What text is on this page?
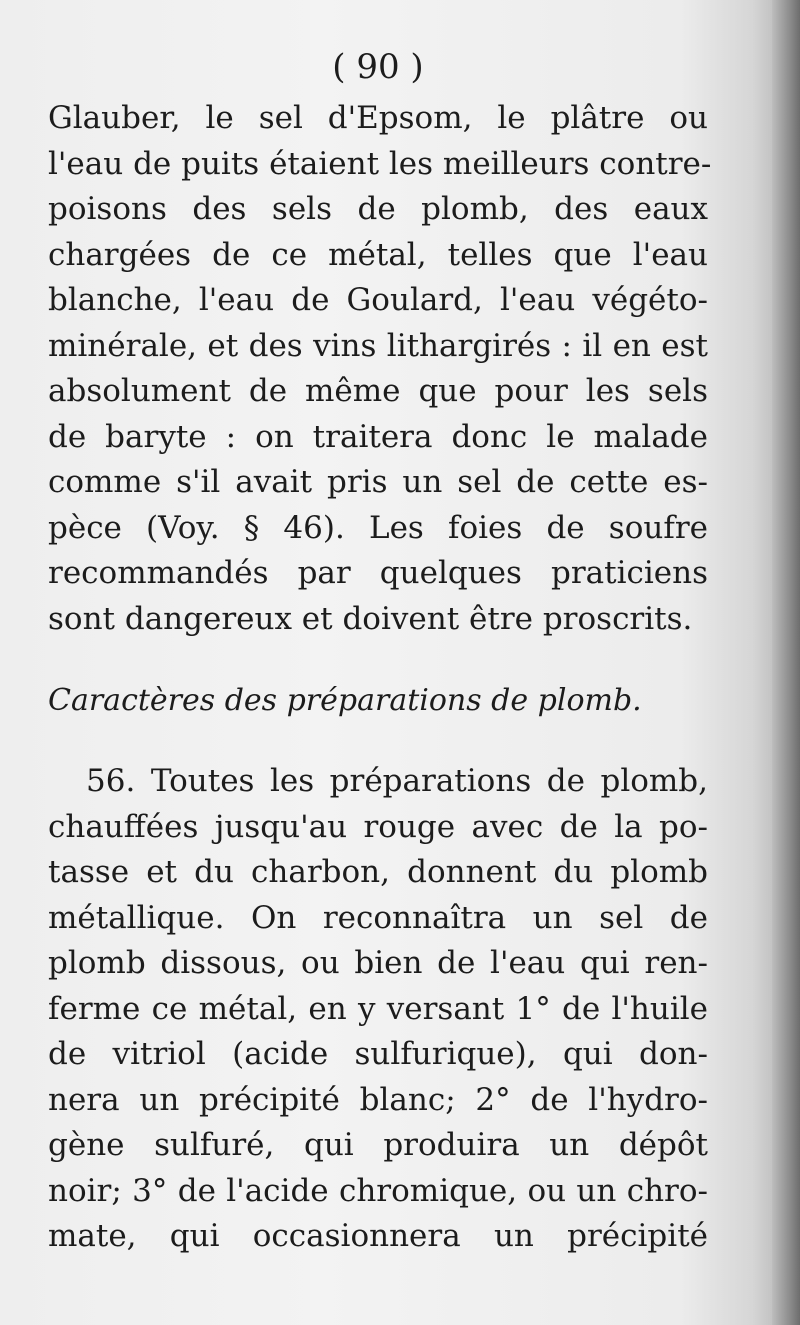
( 90 )
Glauber, le sel d'Epsom, le plâtre ou
l'eau de puits étaient les meilleurs contre-
poisons des sels de plomb, des eaux
chargées de ce métal, telles que l'eau
blanche, l'eau de Goulard, l'eau végéto-
minérale, et des vins lithargirés : il en est
absolument de même que pour les sels
de baryte : on traitera donc le malade
comme s'il avait pris un sel de cette es-
pèce (Voy. § 46). Les foies de soufre
recommandés par quelques praticiens
sont dangereux et doivent être proscrits.
Caractères des préparations de plomb.
56. Toutes les préparations de plomb,
chauffées jusqu'au rouge avec de la po-
tasse et du charbon, donnent du plomb
métallique. On reconnaîtra un sel de
plomb dissous, ou bien de l'eau qui ren-
ferme ce métal, en y versant 1° de l'huile
de vitriol (acide sulfurique), qui don-
nera un précipité blanc; 2° de l'hydro-
gène sulfuré, qui produira un dépôt
noir; 3° de l'acide chromique, ou un chro-
mate, qui occasionnera un précipité
